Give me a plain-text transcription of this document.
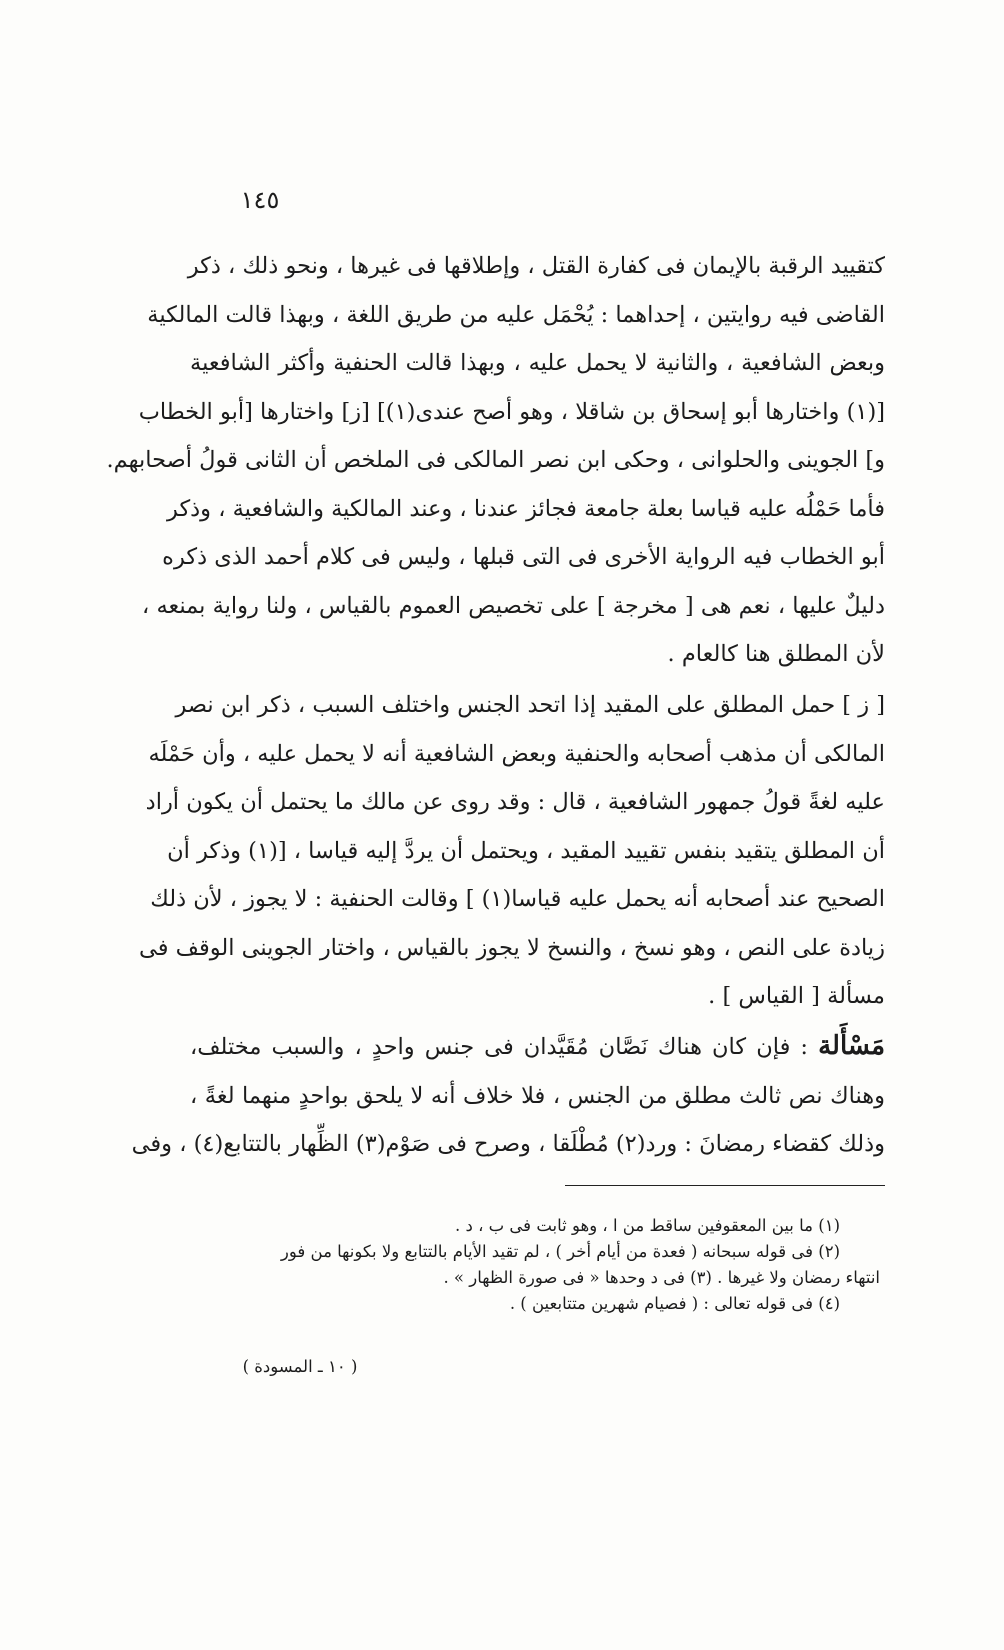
١٤٥
كتقييد الرقبة بالإيمان فى كفارة القتل ، وإطلاقها فى غيرها ، ونحو ذلك ، ذكر
القاضى فيه روايتين ، إحداهما : يُحْمَل عليه من طريق اللغة ، وبهذا قالت المالكية
وبعض الشافعية ، والثانية لا يحمل عليه ، وبهذا قالت الحنفية وأكثر الشافعية
[(١) واختارها أبو إسحاق بن شاقلا ، وهو أصح عندى(١)] [ز] واختارها [أبو الخطاب
و] الجوينى والحلوانى ، وحكى ابن نصر المالكى فى الملخص أن الثانى قولُ أصحابهم.
فأما حَمْلُه عليه قياسا بعلة جامعة فجائز عندنا ، وعند المالكية والشافعية ، وذكر
أبو الخطاب فيه الرواية الأخرى فى التى قبلها ، وليس فى كلام أحمد الذى ذكره
دليلٌ عليها ، نعم هى [ مخرجة ] على تخصيص العموم بالقياس ، ولنا رواية بمنعه ،
لأن المطلق هنا كالعام .
[ ز ] حمل المطلق على المقيد إذا اتحد الجنس واختلف السبب ، ذكر ابن نصر
المالكى أن مذهب أصحابه والحنفية وبعض الشافعية أنه لا يحمل عليه ، وأن حَمْلَه
عليه لغةً قولُ جمهور الشافعية ، قال : وقد روى عن مالك ما يحتمل أن يكون أراد
أن المطلق يتقيد بنفس تقييد المقيد ، ويحتمل أن يردَّ إليه قياسا ، [(١) وذكر أن
الصحيح عند أصحابه أنه يحمل عليه قياسا(١) ] وقالت الحنفية : لا يجوز ، لأن ذلك
زيادة على النص ، وهو نسخ ، والنسخ لا يجوز بالقياس ، واختار الجوينى الوقف فى
مسألة [ القياس ] .
مَسْأَلة : فإن كان هناك نَصَّان مُقَيَّدان فى جنس واحدٍ ، والسبب مختلف،
وهناك نص ثالث مطلق من الجنس ، فلا خلاف أنه لا يلحق بواحدٍ منهما لغةً ،
وذلك كقضاء رمضانَ : ورد(٢) مُطْلَقا ، وصرح فى صَوْم(٣) الظِّهار بالتتابع(٤) ، وفى
(١) ما بين المعقوفين ساقط من ا ، وهو ثابت فى ب ، د .
(٢) فى قوله سبحانه ( فعدة من أيام أخر ) ، لم تقيد الأيام بالتتابع ولا بكونها من فور
انتهاء رمضان ولا غيرها . (٣) فى د وحدها « فى صورة الظهار » .
(٤) فى قوله تعالى : ( فصيام شهرين متتابعين ) .
( ١٠ ـ المسودة )
